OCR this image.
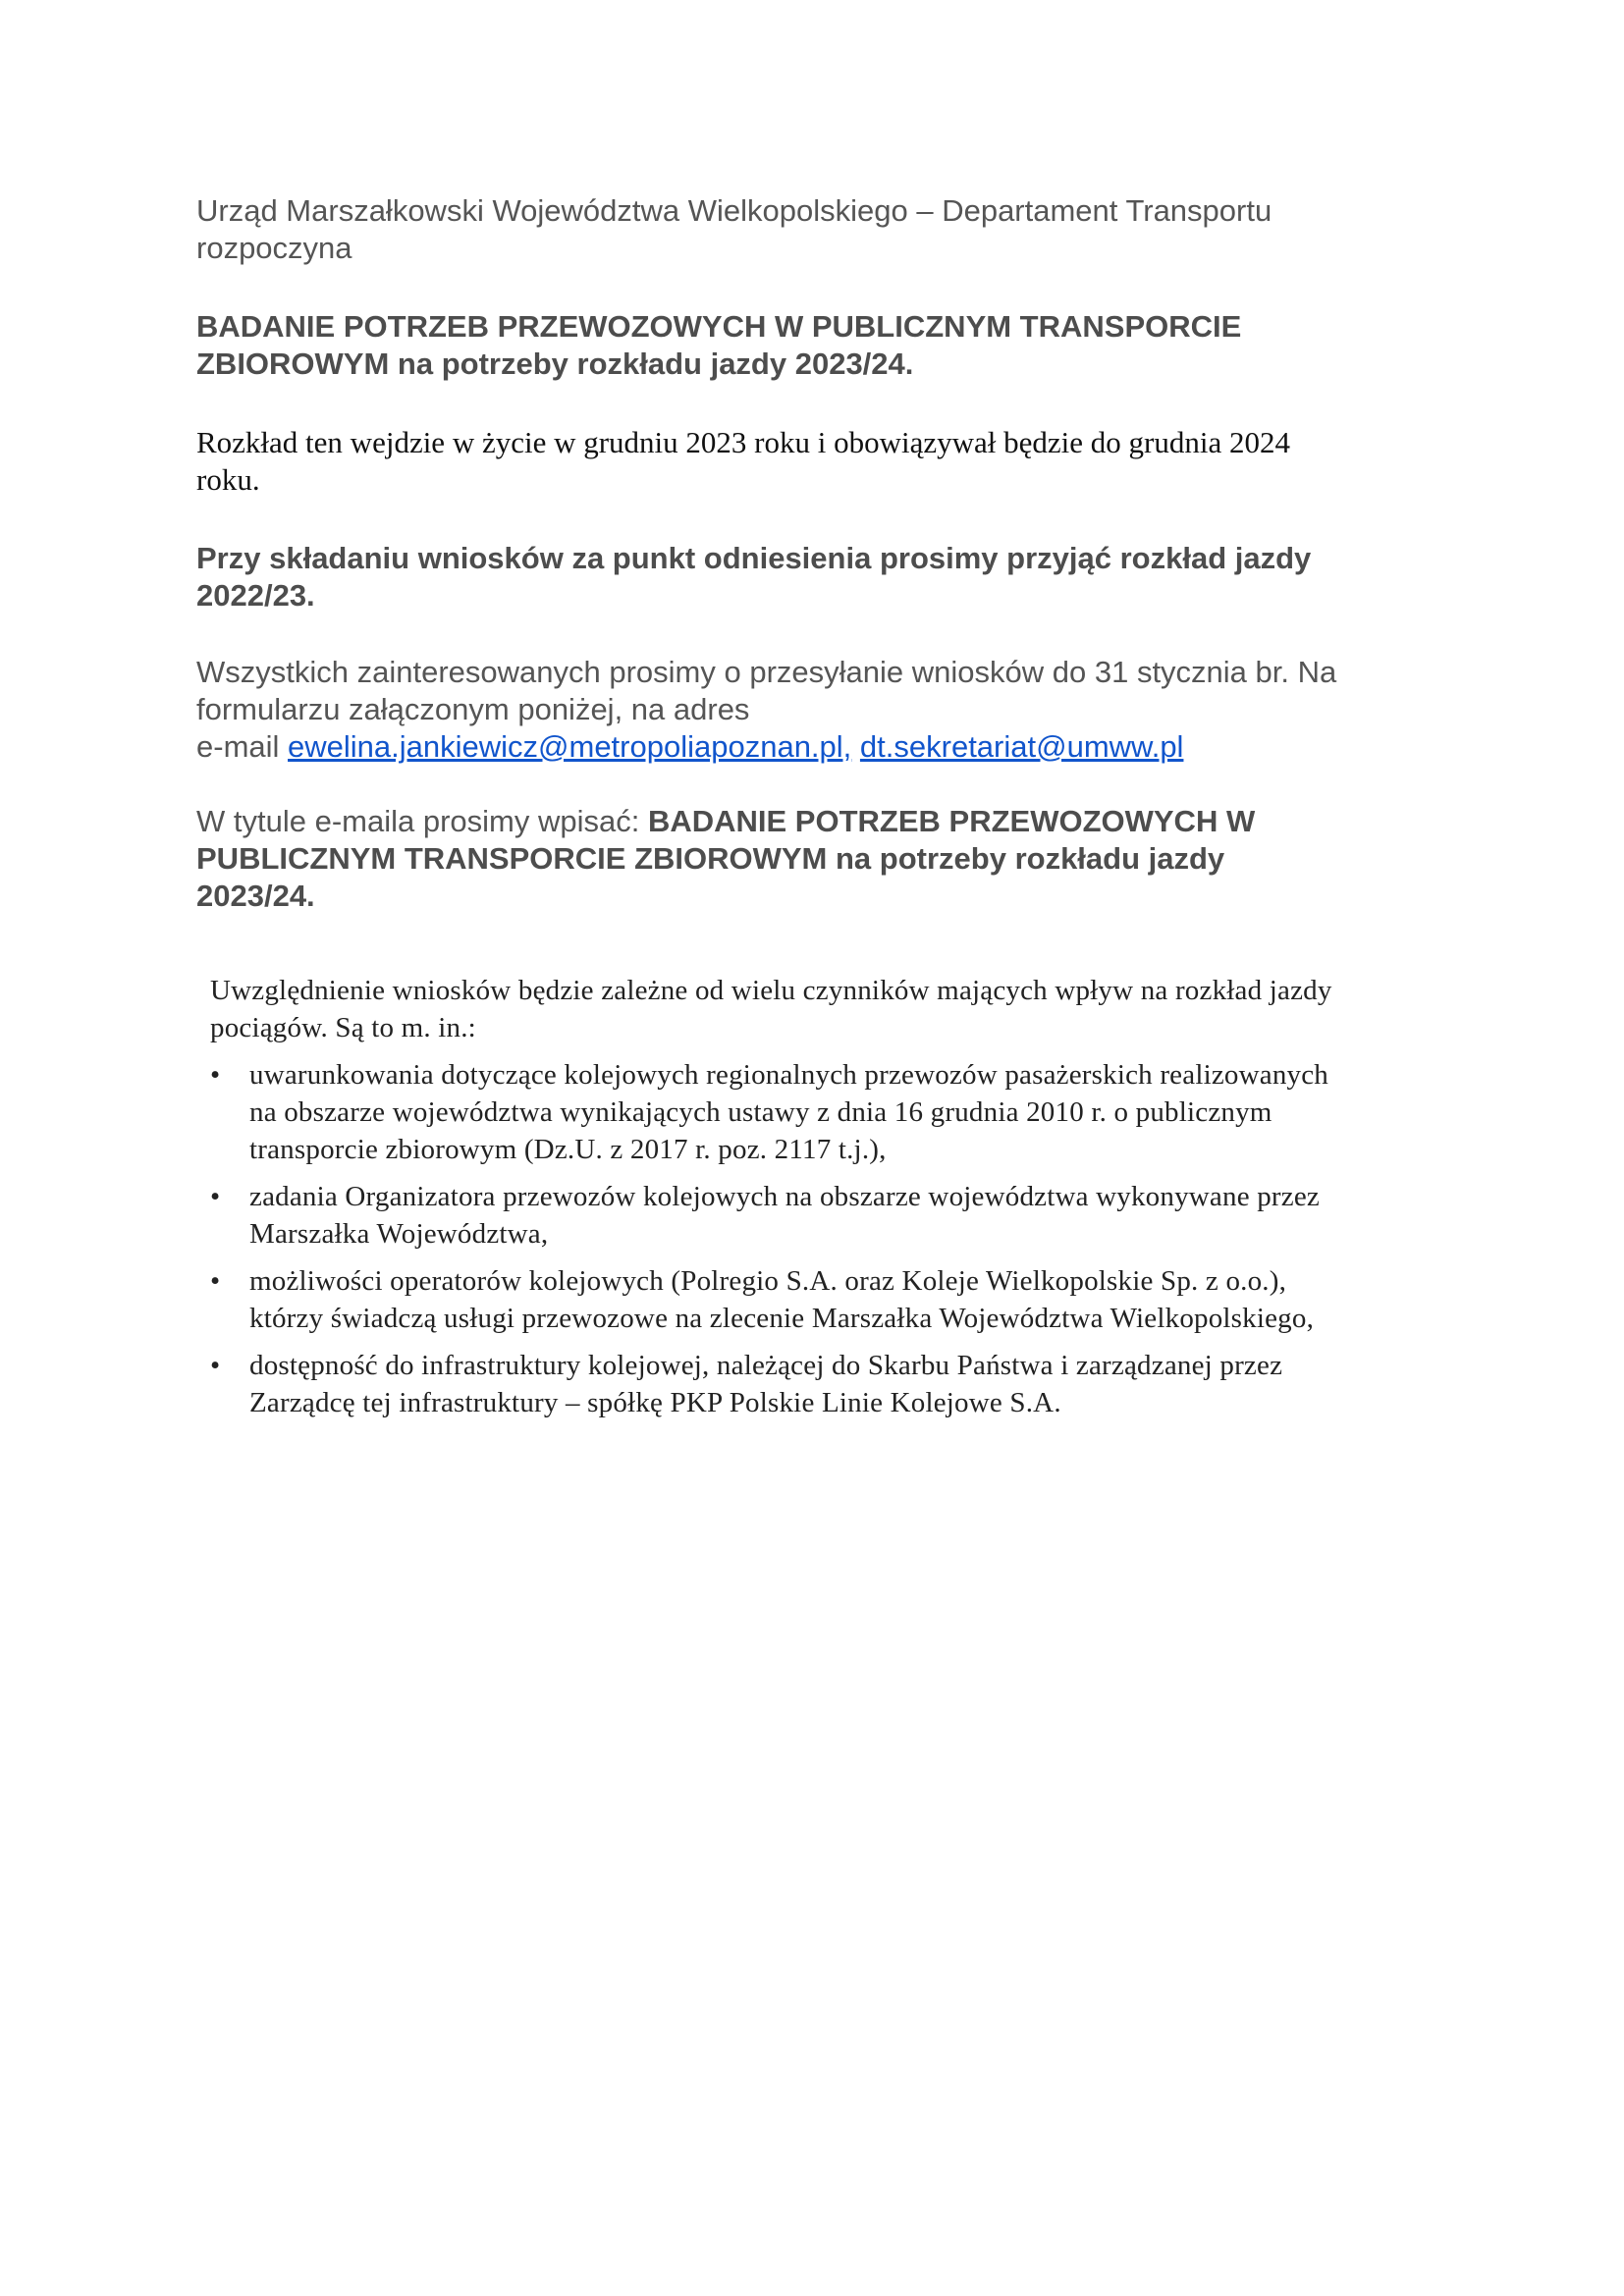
Urząd Marszałkowski Województwa Wielkopolskiego – Departament Transportu
rozpoczyna
BADANIE POTRZEB PRZEWOZOWYCH W PUBLICZNYM TRANSPORCIE
ZBIOROWYM na potrzeby rozkładu jazdy 2023/24.
Rozkład ten wejdzie w życie w grudniu 2023 roku i obowiązywał będzie do grudnia 2024
roku.
Przy składaniu wniosków za punkt odniesienia prosimy przyjąć rozkład jazdy
2022/23.
Wszystkich zainteresowanych prosimy o przesyłanie wniosków do 31 stycznia br. Na
formularzu załączonym poniżej, na adres
e-mail ewelina.jankiewicz@metropoliapoznan.pl, dt.sekretariat@umww.pl
W tytule e-maila prosimy wpisać: BADANIE POTRZEB PRZEWOZOWYCH W
PUBLICZNYM TRANSPORCIE ZBIOROWYM na potrzeby rozkładu jazdy
2023/24.
Uwzględnienie wniosków będzie zależne od wielu czynników mających wpływ na rozkład jazdy
pociągów. Są to m. in.:
•	uwarunkowania dotyczące kolejowych regionalnych przewozów pasażerskich realizowanych
na obszarze województwa wynikających ustawy z dnia 16 grudnia 2010 r. o publicznym
transporcie zbiorowym (Dz.U. z 2017 r. poz. 2117 t.j.),
•	zadania Organizatora przewozów kolejowych na obszarze województwa wykonywane przez
Marszałka Województwa,
•	możliwości operatorów kolejowych (Polregio S.A. oraz Koleje Wielkopolskie Sp. z o.o.),
którzy świadczą usługi przewozowe na zlecenie Marszałka Województwa Wielkopolskiego,
•	dostępność do infrastruktury kolejowej, należącej do Skarbu Państwa i zarządzanej przez
Zarządcę tej infrastruktury – spółkę PKP Polskie Linie Kolejowe S.A.
